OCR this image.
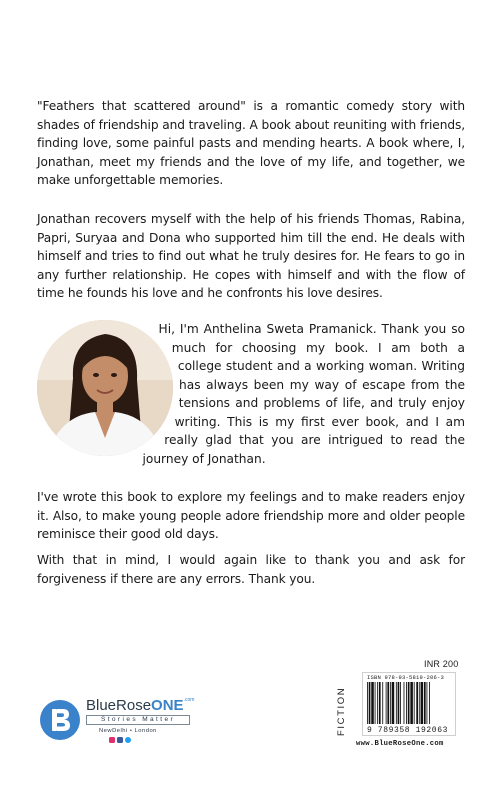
"Feathers that scattered around" is a romantic comedy story with shades of friendship and traveling. A book about reuniting with friends, finding love, some painful pasts and mending hearts. A book where, I, Jonathan, meet my friends and the love of my life, and together, we make unforgettable memories.

Jonathan recovers myself with the help of his friends Thomas, Rabina, Papri, Suryaa and Dona who supported him till the end. He deals with himself and tries to find out what he truly desires for. He fears to go in any further relationship. He copes with himself and with the flow of time he founds his love and he confronts his love desires.

Hi, I'm Anthelina Sweta Pramanick. Thank you so much for choosing my book. I am both a college student and a working woman. Writing has always been my way of escape from the tensions and problems of life, and truly enjoy writing. This is my first ever book, and I am really glad that you are intrigued to read the journey of Jonathan.

I've wrote this book to explore my feelings and to make readers enjoy it. Also, to make young people adore friendship more and older people reminisce their good old days.

With that in mind, I would again like to thank you and ask for forgiveness if there are any errors. Thank you.

BlueRoseONE$^{.com}$
Stories Matter
NewDelhi • London	FICTION
INR 200
ISBN 978-93-5819-206-3
9 789358 192063
www.BlueRoseOne.com
